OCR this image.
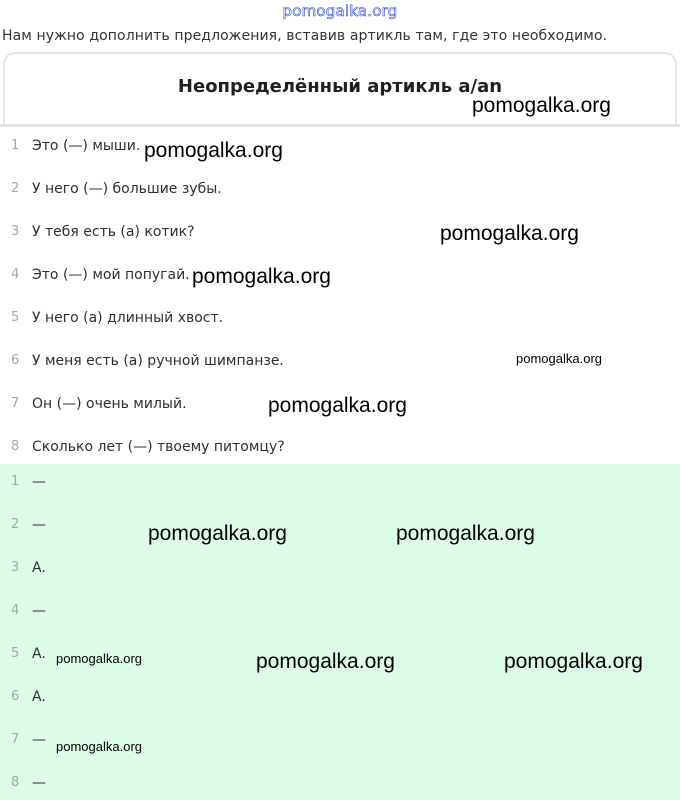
pomogalka.org
Нам нужно дополнить предложения, вставив артикль там, где это необходимо.
Неопределённый артикль a/an
1 Это (—) мыши.
2 У него (—) большие зубы.
3 У тебя есть (a) котик?
4 Это (—) мой попугай.
5 У него (a) длинный хвост.
6 У меня есть (a) ручной шимпанзе.
7 Он (—) очень милый.
8 Сколько лет (—) твоему питомцу?
1 —
2 —
3 A.
4 —
5 A.
6 A.
7 —
8 —
pomogalka.org
pomogalka.org
pomogalka.org
pomogalka.org
pomogalka.org
pomogalka.org
pomogalka.org	pomogalka.org
pomogalka.org	pomogalka.org	pomogalka.org
pomogalka.org
